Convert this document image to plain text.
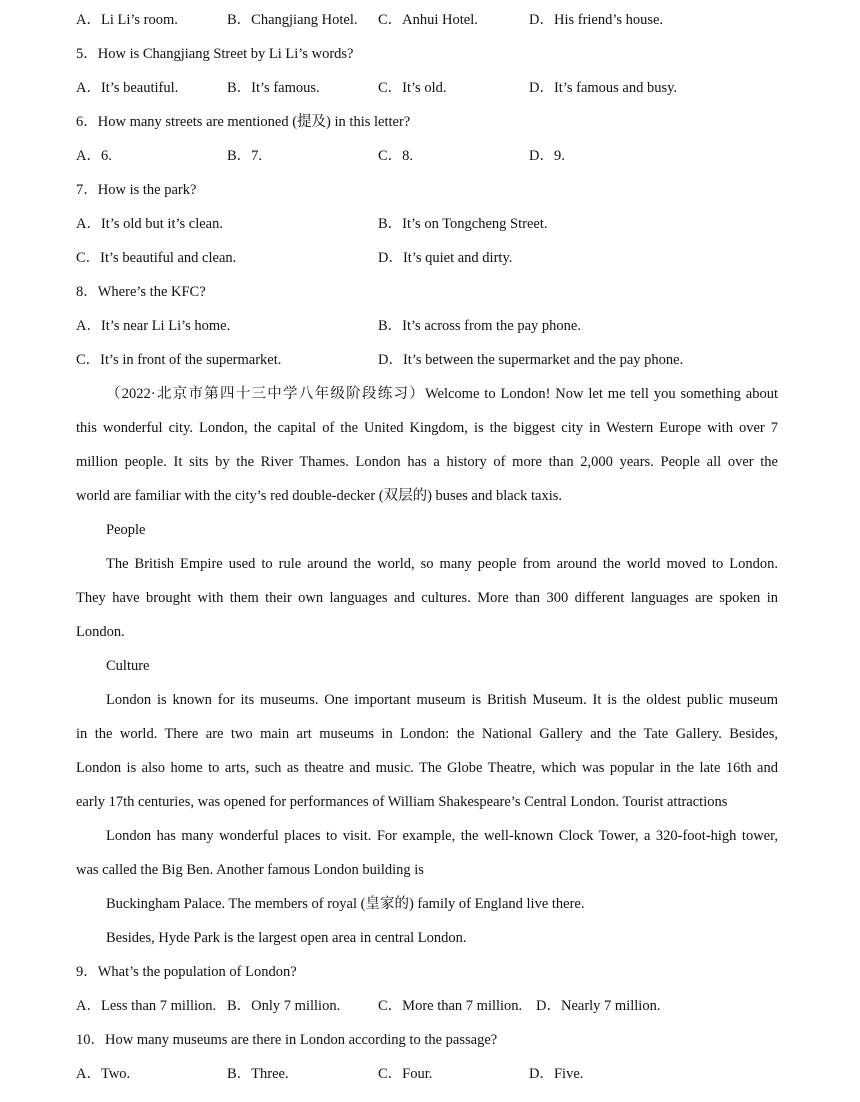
A．Li Li’s room.	B．Changjiang Hotel. C．Anhui Hotel.	D．His friend’s house.
5．How is Changjiang Street by Li Li’s words?
A．It’s beautiful.	B．It’s famous.	C．It’s old.	D．It’s famous and busy.
6．How many streets are mentioned (提及) in this letter?
A．6.	B．7.	C．8.	D．9.
7．How is the park?
A．It’s old but it’s clean.	B．It’s on Tongcheng Street.
C．It’s beautiful and clean.	D．It’s quiet and dirty.
8．Where’s the KFC?
A．It’s near Li Li’s home.	B．It’s across from the pay phone.
C．It’s in front of the supermarket.	D．It’s between the supermarket and the pay phone.
（2022·北京市第四十三中学八年级阶段练习）Welcome to London! Now let me tell you something about
this wonderful city. London, the capital of the United Kingdom, is the biggest city in Western Europe with over 7
million people. It sits by the River Thames. London has a history of more than 2,000 years. People all over the
world are familiar with the city’s red double-decker (双层的) buses and black taxis.
People
The British Empire used to rule around the world, so many people from around the world moved to London.
They have brought with them their own languages and cultures. More than 300 different languages are spoken in
London.
Culture
London is known for its museums. One important museum is British Museum. It is the oldest public museum
in the world. There are two main art museums in London: the National Gallery and the Tate Gallery. Besides,
London is also home to arts, such as theatre and music. The Globe Theatre, which was popular in the late 16th and
early 17th centuries, was opened for performances of William Shakespeare’s Central London. Tourist attractions
London has many wonderful places to visit. For example, the well-known Clock Tower, a 320-foot-high tower,
was called the Big Ben. Another famous London building is
Buckingham Palace. The members of royal (皇家的) family of England live there.
Besides, Hyde Park is the largest open area in central London.
9．What’s the population of London?
A．Less than 7 million. B．Only 7 million.	C．More than 7 million. D．Nearly 7 million.
10．How many museums are there in London according to the passage?
A．Two.	B．Three.	C．Four.	D．Five.
